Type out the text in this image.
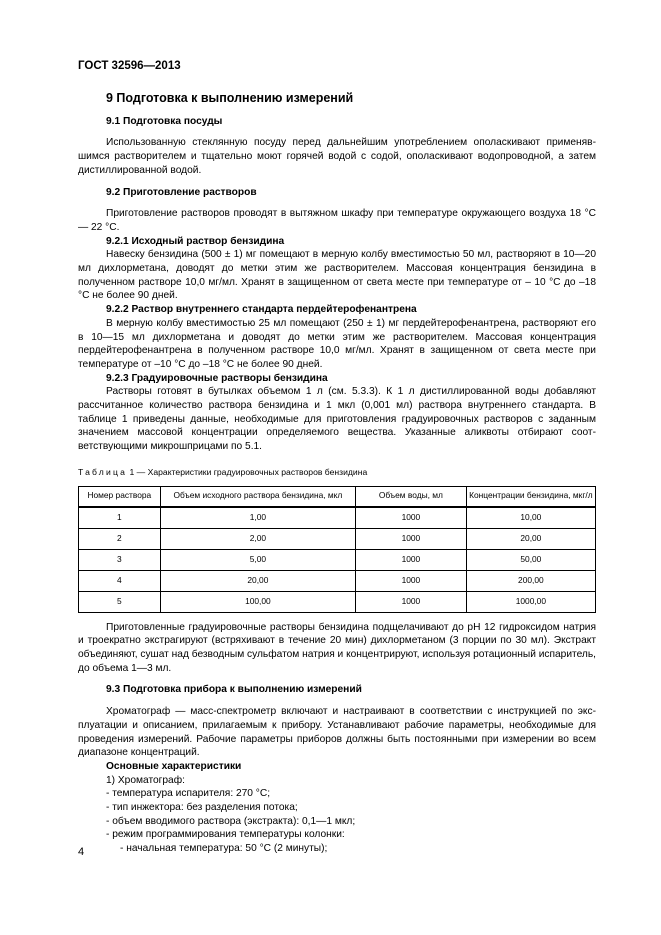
ГОСТ 32596—2013
9 Подготовка к выполнению измерений
9.1 Подготовка посуды

Использованную стеклянную посуду перед дальнейшим употреблением ополаскивают применявшимся растворителем и тщательно моют горячей водой с содой, ополаскивают водопроводной, а затем дистиллированной водой.

9.2 Приготовление растворов

Приготовление растворов проводят в вытяжном шкафу при температуре окружающего воздуха 18 °С — 22 °С.

9.2.1 Исходный раствор бензидина

Навеску бензидина (500 ± 1) мг помещают в мерную колбу вместимостью 50 мл, растворяют в 10—20 мл дихлорметана, доводят до метки этим же растворителем. Массовая концентрация бензидина в полученном растворе 10,0 мг/мл. Хранят в защищенном от света месте при температуре от – 10 °С до –18 °С не более 90 дней.

9.2.2 Раствор внутреннего стандарта пердейтерофенантрена

В мерную колбу вместимостью 25 мл помещают (250 ± 1) мг пердейтерофенантрена, растворяют его в 10—15 мл дихлорметана и доводят до метки этим же растворителем. Массовая концентрация пердейтерофенантрена в полученном растворе 10,0 мг/мл. Хранят в защищенном от света месте при температуре от –10 °С до –18 °С не более 90 дней.

9.2.3 Градуировочные растворы бензидина

Растворы готовят в бутылках объемом 1 л (см. 5.3.3). К 1 л дистиллированной воды добавляют рассчитанное количество раствора бензидина и 1 мкл (0,001 мл) раствора внутреннего стандарта. В таблице 1 приведены данные, необходимые для приготовления градуировочных растворов с заданным значением массовой концентрации определяемого вещества. Указанные аликвоты отбирают соответствующими микрошприцами по 5.1.

Таблица 1 — Характеристики градуировочных растворов бензидина
Номер раствора	Объем исходного раствора бензидина, мкл	Объем воды, мл	Концентрации бензидина, мкг/л
1	1,00	1000	10,00
2	2,00	1000	20,00
3	5,00	1000	50,00
4	20,00	1000	200,00
5	100,00	1000	1000,00

Приготовленные градуировочные растворы бензидина подщелачивают до рН 12 гидроксидом натрия и троекратно экстрагируют (встряхивают в течение 20 мин) дихлорметаном (3 порции по 30 мл). Экстракт объединяют, сушат над безводным сульфатом натрия и концентрируют, используя ротационный испаритель, до объема 1—3 мл.

9.3 Подготовка прибора к выполнению измерений

Хроматограф — масс-спектрометр включают и настраивают в соответствии с инструкцией по эксплуатации и описанием, прилагаемым к прибору. Устанавливают рабочие параметры, необходимые для проведения измерений. Рабочие параметры приборов должны быть постоянными при измерении во всем диапазоне концентраций.

Основные характеристики

1) Хроматограф:

- температура испарителя: 270 °С;

- тип инжектора: без разделения потока;

- объем вводимого раствора (экстракта): 0,1—1 мкл;

- режим программирования температуры колонки:

- начальная температура: 50 °С (2 минуты);

4
